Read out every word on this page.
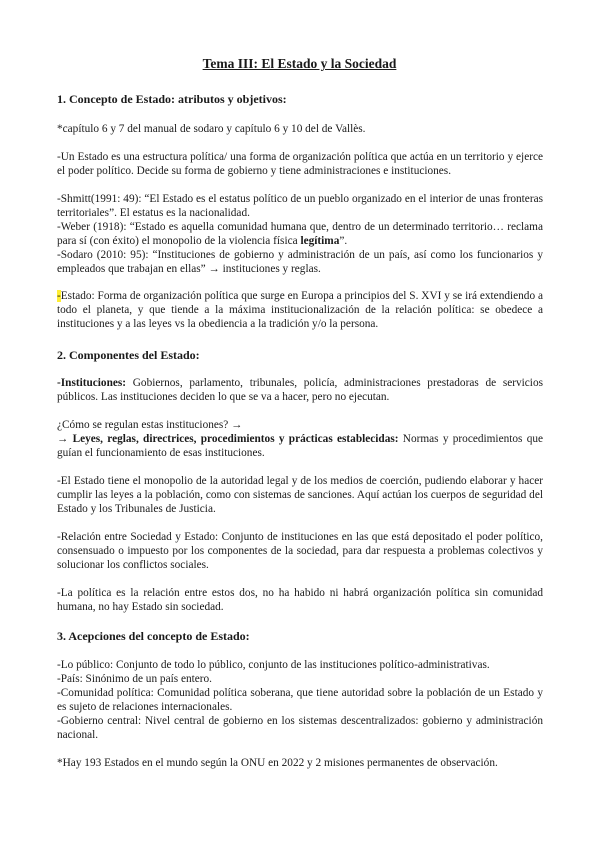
Tema III: El Estado y la Sociedad
1. Concepto de Estado: atributos y objetivos:
*capítulo 6 y 7 del manual de sodaro y capítulo 6 y 10 del de Vallès.
-Un Estado es una estructura política/ una forma de organización política que actúa en un territorio y ejerce el poder político. Decide su forma de gobierno y tiene administraciones e instituciones.
-Shmitt(1991: 49): “El Estado es el estatus político de un pueblo organizado en el interior de unas fronteras territoriales”. El estatus es la nacionalidad.
-Weber (1918): “Estado es aquella comunidad humana que, dentro de un determinado territorio… reclama para sí (con éxito) el monopolio de la violencia física legítima”.
-Sodaro (2010: 95): “Instituciones de gobierno y administración de un país, así como los funcionarios y empleados que trabajan en ellas” → instituciones y reglas.
-Estado: Forma de organización política que surge en Europa a principios del S. XVI y se irá extendiendo a todo el planeta, y que tiende a la máxima institucionalización de la relación política: se obedece a instituciones y a las leyes vs la obediencia a la tradición y/o la persona.
2. Componentes del Estado:
-Instituciones: Gobiernos, parlamento, tribunales, policía, administraciones prestadoras de servicios públicos. Las instituciones deciden lo que se va a hacer, pero no ejecutan.
¿Cómo se regulan estas instituciones? →
→ Leyes, reglas, directrices, procedimientos y prácticas establecidas: Normas y procedimientos que guían el funcionamiento de esas instituciones.
-El Estado tiene el monopolio de la autoridad legal y de los medios de coerción, pudiendo elaborar y hacer cumplir las leyes a la población, como con sistemas de sanciones. Aquí actúan los cuerpos de seguridad del Estado y los Tribunales de Justicia.
-Relación entre Sociedad y Estado: Conjunto de instituciones en las que está depositado el poder político, consensuado o impuesto por los componentes de la sociedad, para dar respuesta a problemas colectivos y solucionar los conflictos sociales.
-La política es la relación entre estos dos, no ha habido ni habrá organización política sin comunidad humana, no hay Estado sin sociedad.
3. Acepciones del concepto de Estado:
-Lo público: Conjunto de todo lo público, conjunto de las instituciones político-administrativas.
-País: Sinónimo de un país entero.
-Comunidad política: Comunidad política soberana, que tiene autoridad sobre la población de un Estado y es sujeto de relaciones internacionales.
-Gobierno central: Nivel central de gobierno en los sistemas descentralizados: gobierno y administración nacional.
*Hay 193 Estados en el mundo según la ONU en 2022 y 2 misiones permanentes de observación.
